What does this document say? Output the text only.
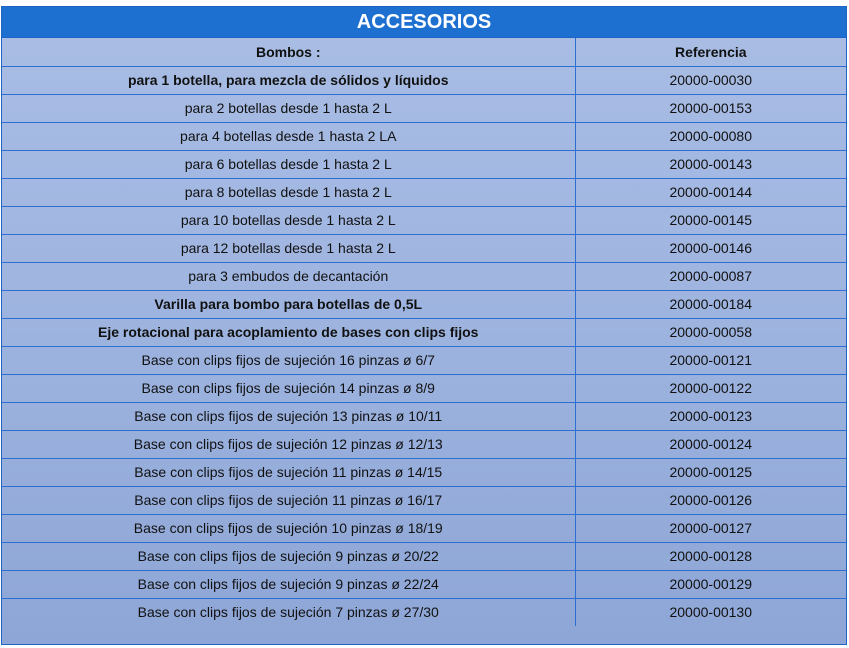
ACCESORIOS
Bombos :	Referencia
para 1 botella, para mezcla de sólidos y líquidos	20000-00030
para 2 botellas desde 1 hasta 2 L	20000-00153
para 4 botellas desde 1 hasta 2 LA	20000-00080
para 6 botellas desde 1 hasta 2 L	20000-00143
para 8 botellas desde 1 hasta 2 L	20000-00144
para 10 botellas desde 1 hasta 2 L	20000-00145
para 12 botellas desde 1 hasta 2 L	20000-00146
para 3 embudos de decantación	20000-00087
Varilla para bombo para botellas de 0,5L	20000-00184
Eje rotacional para acoplamiento de bases con clips fijos	20000-00058
Base con clips fijos de sujeción 16 pinzas ø 6/7	20000-00121
Base con clips fijos de sujeción 14 pinzas ø 8/9	20000-00122
Base con clips fijos de sujeción 13 pinzas ø 10/11	20000-00123
Base con clips fijos de sujeción 12 pinzas ø 12/13	20000-00124
Base con clips fijos de sujeción 11 pinzas ø 14/15	20000-00125
Base con clips fijos de sujeción 11 pinzas ø 16/17	20000-00126
Base con clips fijos de sujeción 10 pinzas ø 18/19	20000-00127
Base con clips fijos de sujeción 9 pinzas ø 20/22	20000-00128
Base con clips fijos de sujeción 9 pinzas ø 22/24	20000-00129
Base con clips fijos de sujeción 7 pinzas ø 27/30	20000-00130
